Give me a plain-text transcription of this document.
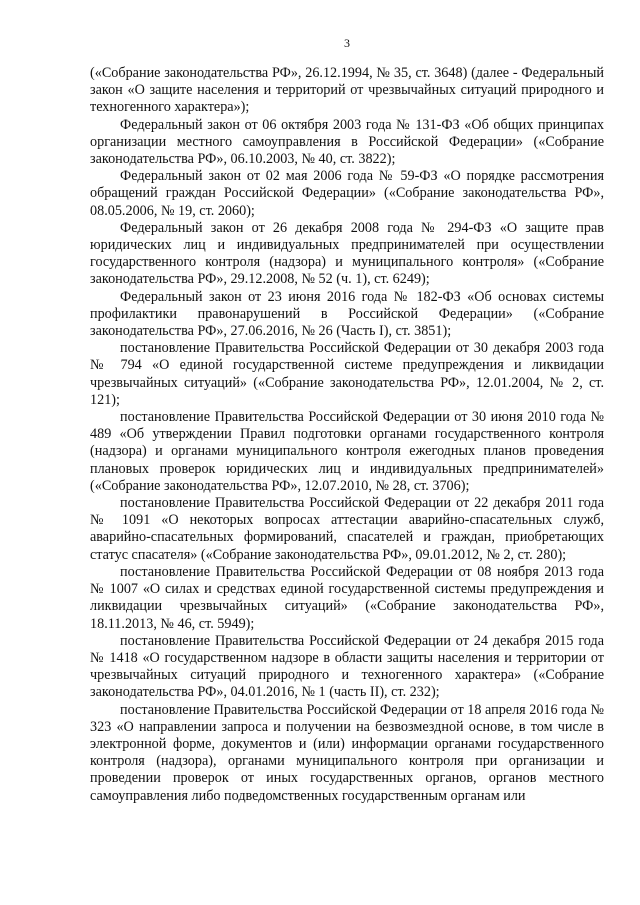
3

(«Собрание законодательства РФ», 26.12.1994, № 35, ст. 3648) (далее - Федеральный закон «О защите населения и территорий от чрезвычайных ситуаций природного и техногенного характера»);

Федеральный закон от 06 октября 2003 года № 131-ФЗ «Об общих принципах организации местного самоуправления в Российской Федерации» («Собрание законодательства РФ», 06.10.2003, № 40, ст. 3822);

Федеральный закон от 02 мая 2006 года № 59-ФЗ «О порядке рассмотрения обращений граждан Российской Федерации» («Собрание законодательства РФ», 08.05.2006, № 19, ст. 2060);

Федеральный закон от 26 декабря 2008 года № 294-ФЗ «О защите прав юридических лиц и индивидуальных предпринимателей при осуществлении государственного контроля (надзора) и муниципального контроля» («Собрание законодательства РФ», 29.12.2008, № 52 (ч. 1), ст. 6249);

Федеральный закон от 23 июня 2016 года № 182-ФЗ «Об основах системы профилактики правонарушений в Российской Федерации» («Собрание законодательства РФ», 27.06.2016, № 26 (Часть I), ст. 3851);

постановление Правительства Российской Федерации от 30 декабря 2003 года № 794 «О единой государственной системе предупреждения и ликвидации чрезвычайных ситуаций» («Собрание законодательства РФ», 12.01.2004, № 2, ст. 121);

постановление Правительства Российской Федерации от 30 июня 2010 года № 489 «Об утверждении Правил подготовки органами государственного контроля (надзора) и органами муниципального контроля ежегодных планов проведения плановых проверок юридических лиц и индивидуальных предпринимателей» («Собрание законодательства РФ», 12.07.2010, № 28, ст. 3706);

постановление Правительства Российской Федерации от 22 декабря 2011 года № 1091 «О некоторых вопросах аттестации аварийно-спасательных служб, аварийно-спасательных формирований, спасателей и граждан, приобретающих статус спасателя» («Собрание законодательства РФ», 09.01.2012, № 2, ст. 280);

постановление Правительства Российской Федерации от 08 ноября 2013 года № 1007 «О силах и средствах единой государственной системы предупреждения и ликвидации чрезвычайных ситуаций» («Собрание законодательства РФ», 18.11.2013, № 46, ст. 5949);

постановление Правительства Российской Федерации от 24 декабря 2015 года № 1418 «О государственном надзоре в области защиты населения и территории от чрезвычайных ситуаций природного и техногенного характера» («Собрание законодательства РФ», 04.01.2016, № 1 (часть II), ст. 232);

постановление Правительства Российской Федерации от 18 апреля 2016 года № 323 «О направлении запроса и получении на безвозмездной основе, в том числе в электронной форме, документов и (или) информации органами государственного контроля (надзора), органами муниципального контроля при организации и проведении проверок от иных государственных органов, органов местного самоуправления либо подведомственных государственным органам или
